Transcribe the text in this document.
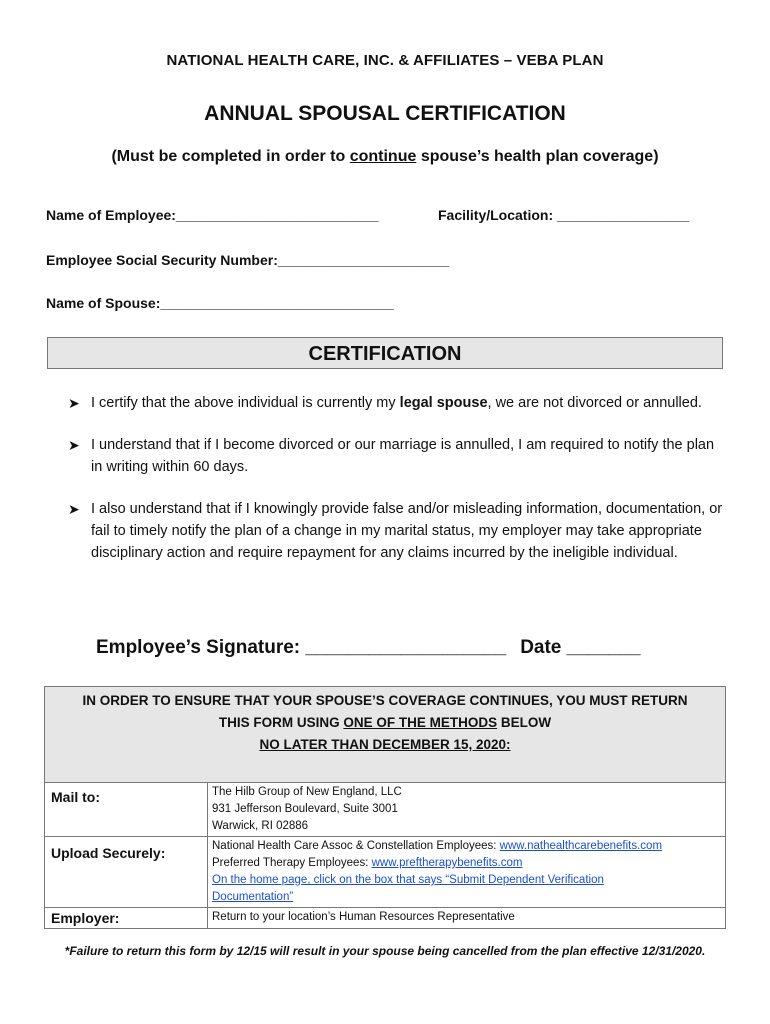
NATIONAL HEALTH CARE, INC. & AFFILIATES – VEBA PLAN
ANNUAL SPOUSAL CERTIFICATION
(Must be completed in order to continue spouse’s health plan coverage)
Name of Employee:__________________________	Facility/Location: _________________
Employee Social Security Number:______________________
Name of Spouse:______________________________
CERTIFICATION
➤ I certify that the above individual is currently my legal spouse, we are not divorced or annulled.
➤ I understand that if I become divorced or our marriage is annulled, I am required to notify the plan in writing within 60 days.
➤ I also understand that if I knowingly provide false and/or misleading information, documentation, or fail to timely notify the plan of a change in my marital status, my employer may take appropriate disciplinary action and require repayment for any claims incurred by the ineligible individual.
Employee’s Signature: ___________________ Date _______
IN ORDER TO ENSURE THAT YOUR SPOUSE’S COVERAGE CONTINUES, YOU MUST RETURN
THIS FORM USING ONE OF THE METHODS BELOW
NO LATER THAN DECEMBER 15, 2020:	

Mail to:	The Hilb Group of New England, LLC
931 Jefferson Boulevard, Suite 3001
Warwick, RI 02886

Upload Securely:	National Health Care Assoc & Constellation Employees: www.nathealthcarebenefits.com
Preferred Therapy Employees: www.preftherapybenefits.com
On the home page, click on the box that says “Submit Dependent Verification Documentation”

Employer:	Return to your location’s Human Resources Representative
*Failure to return this form by 12/15 will result in your spouse being cancelled from the plan effective 12/31/2020.
